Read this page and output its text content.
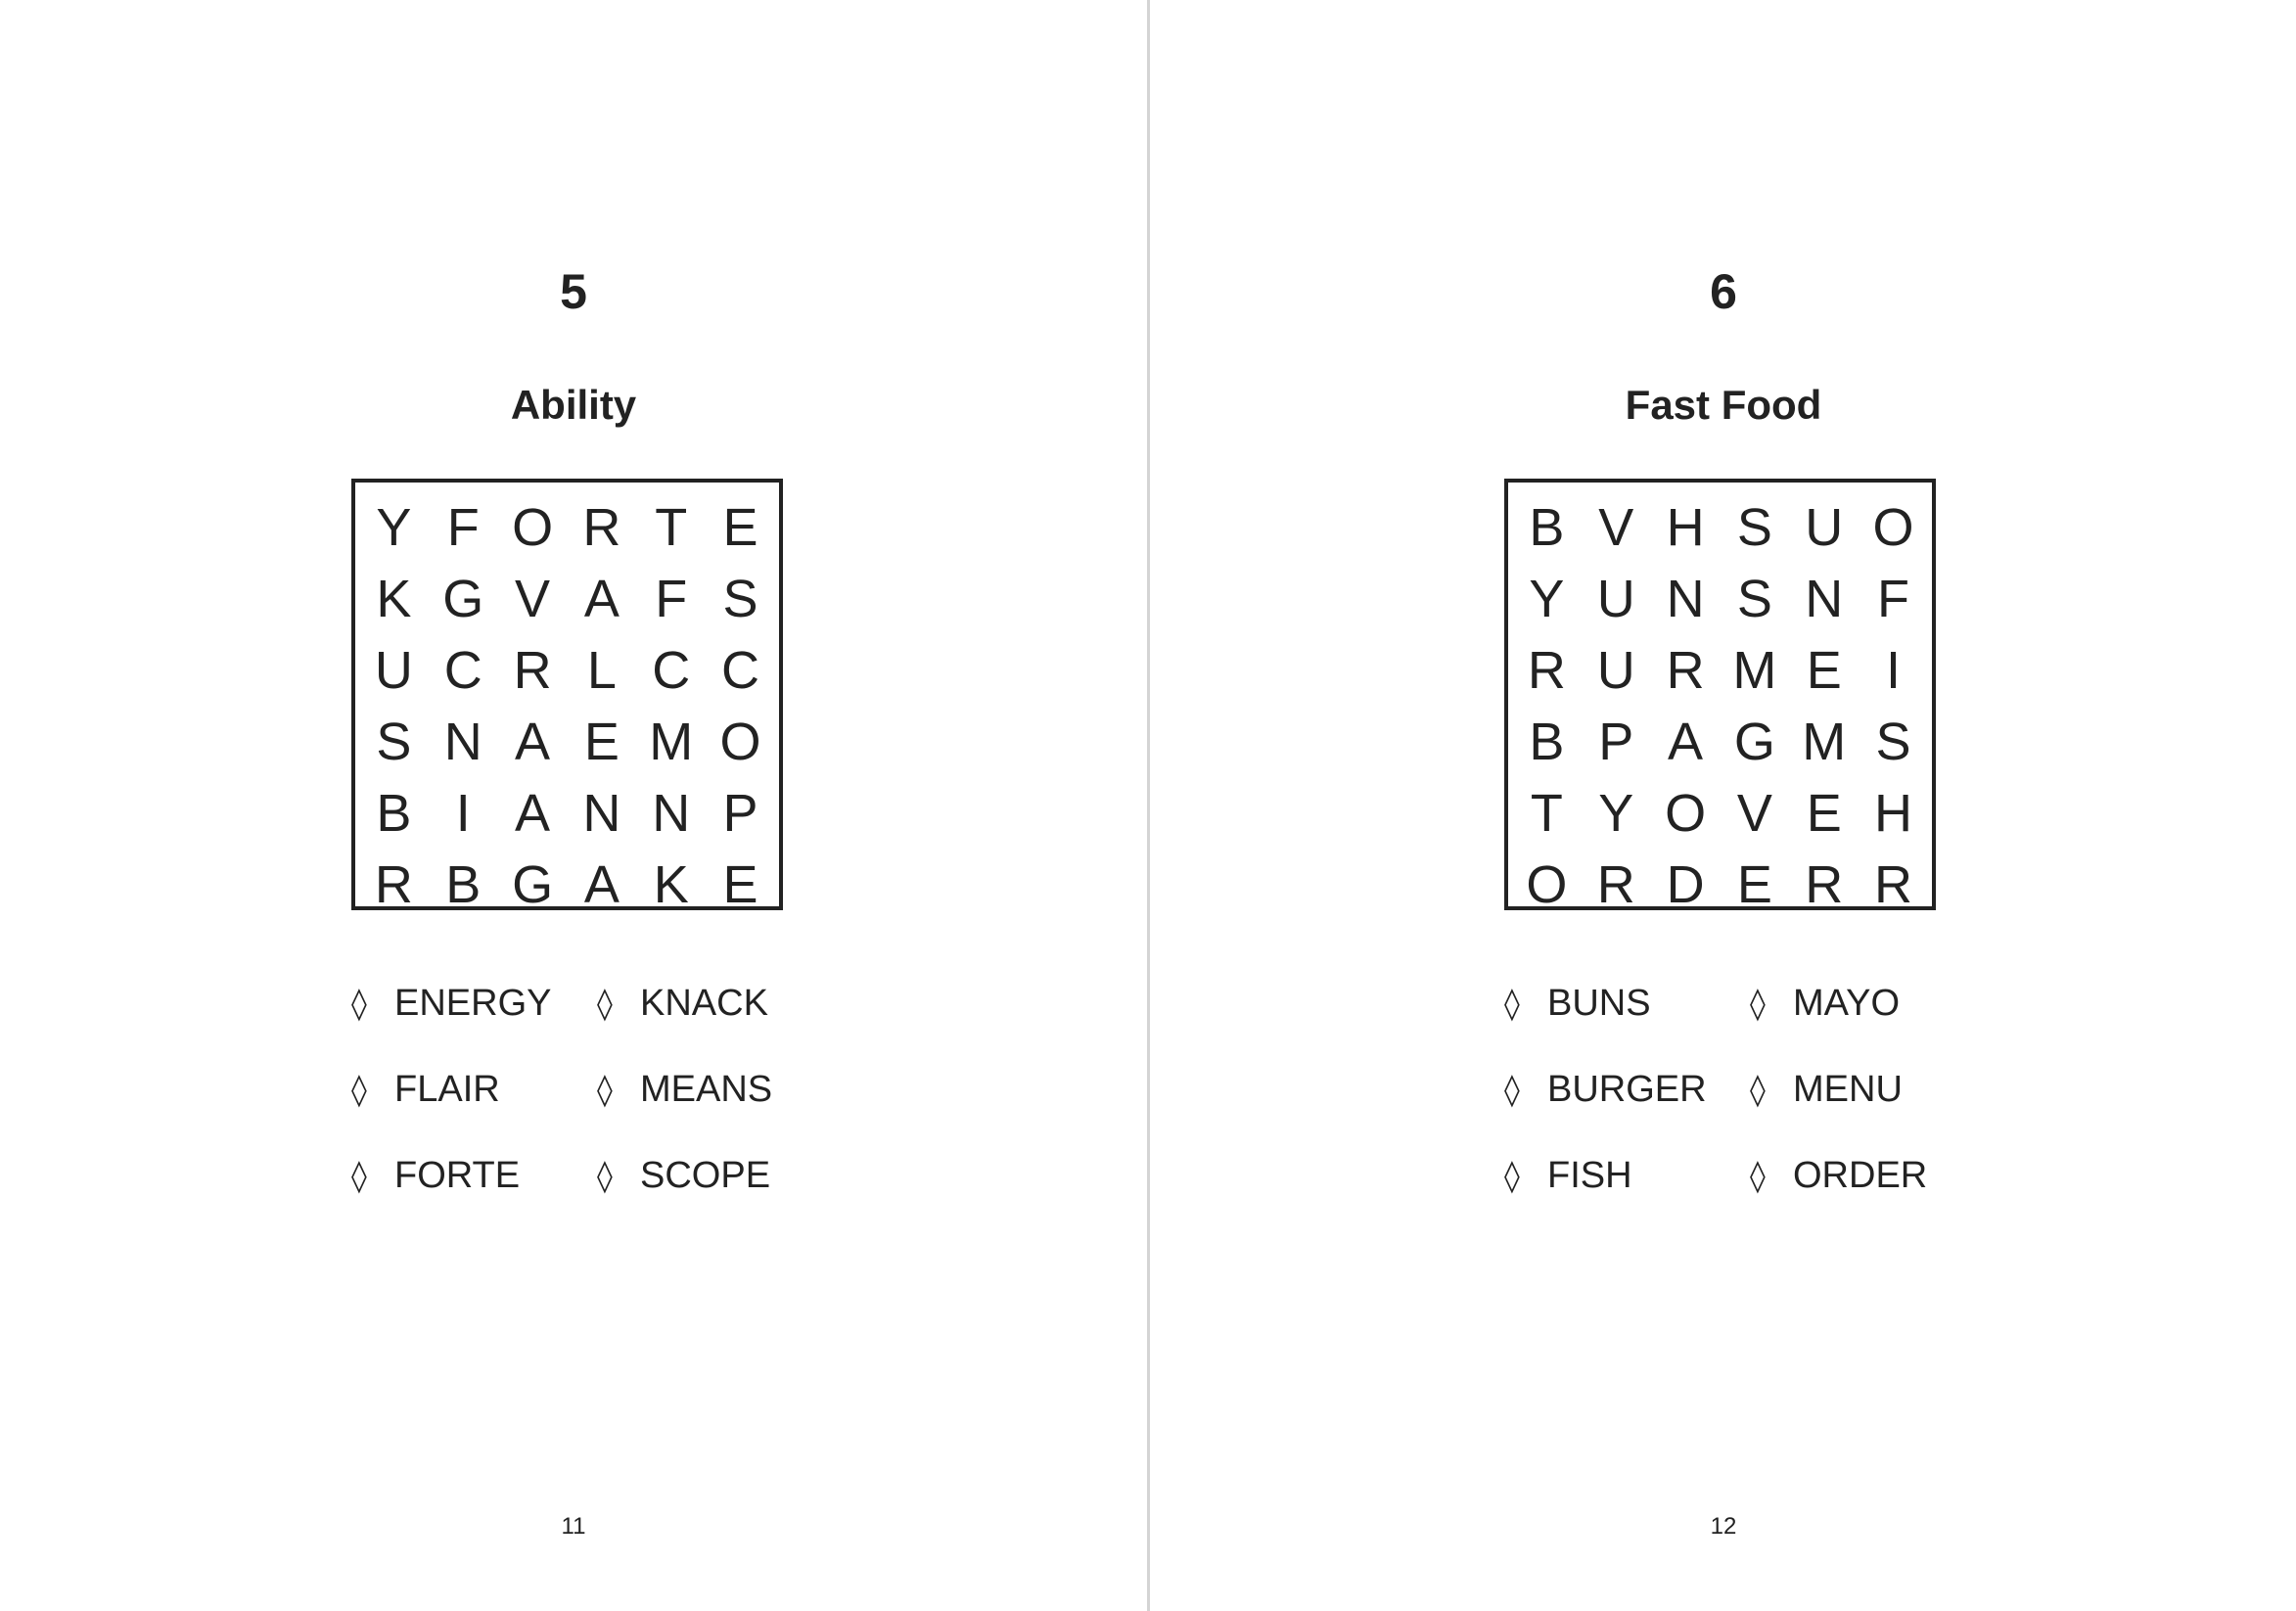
5
Ability
Y F O R T E
K G V A F S
U C R L C C
S N A E M O
B I A N N P
R B G A K E
◊ ENERGY
◊ FLAIR
◊ FORTE
◊ KNACK
◊ MEANS
◊ SCOPE
11
6
Fast Food
B V H S U O
Y U N S N F
R U R M E I
B P A G M S
T Y O V E H
O R D E R R
◊ BUNS
◊ BURGER
◊ FISH
◊ MAYO
◊ MENU
◊ ORDER
12
